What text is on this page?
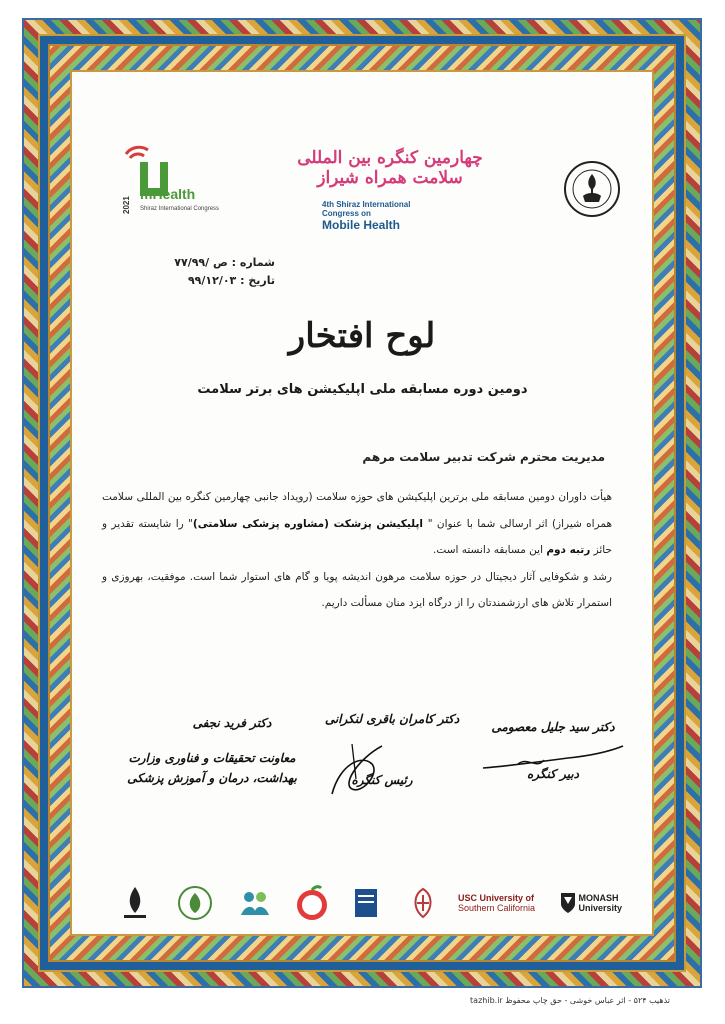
mHealth
2021 Shiraz International Congress
چهارمین کنگره بین المللی
سلامت همراه شیراز
4th Shiraz International
Congress on
Mobile Health
شماره : ص /۷۷/۹۹
تاریخ : ۹۹/۱۲/۰۳
لوح افتخار
دومین دوره مسابقه ملی اپلیکیشن های برتر سلامت
مدیریت محترم شرکت تدبیر سلامت مرهم
هیأت داوران دومین مسابقه ملی برترین اپلیکیشن های حوزه سلامت (رویداد جانبی چهارمین کنگره بین المللی سلامت همراه شیراز) اثر ارسالی شما با عنوان " اپلیکیشن پزشکت (مشاوره پزشکی سلامتی)" را شایسته تقدیر و حائز رتبه دوم این مسابقه دانسته است.
رشد و شکوفایی آثار دیجیتال در حوزه سلامت مرهون اندیشه پویا و گام های استوار شما است. موفقیت، بهروزی و استمرار تلاش های ارزشمندتان را از درگاه ایزد منان مسألت داریم.
دکتر سید جلیل معصومی
دبیر کنگره
دکتر کامران باقری لنکرانی
رئیس کنگره
دکتر فرید نجفی
معاونت تحقیقات و فناوری وزارت
بهداشت، درمان و آموزش پزشکی
USC University of
Southern California
MONASH University
تذهیب ۵۲۴ - اثر عباس خوشی - حق چاپ محفوظ tazhib.ir
